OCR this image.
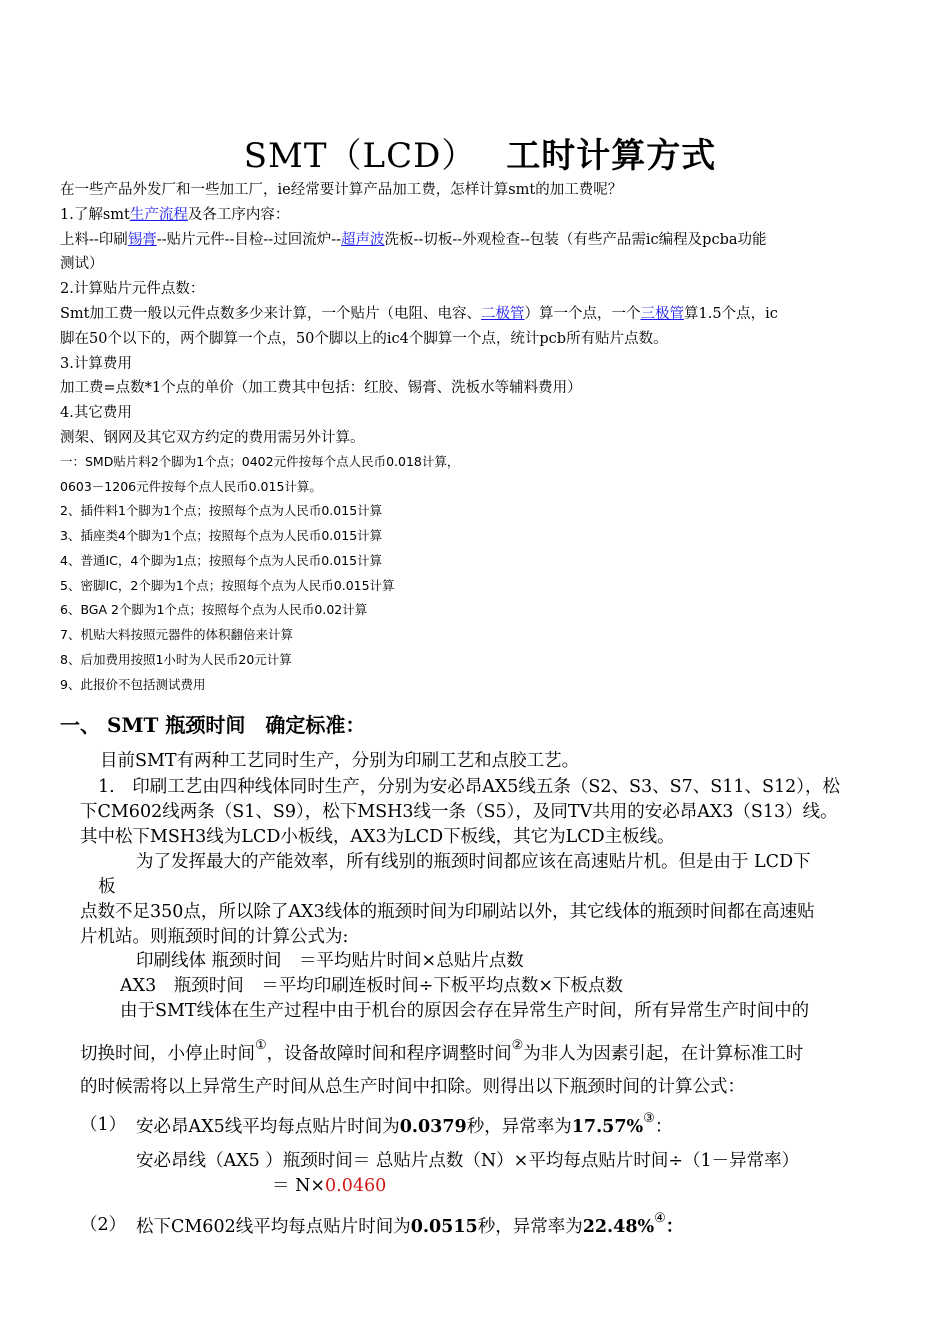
SMT（LCD）　 工时计算方式
在一些产品外发厂和一些加工厂，ie经常要计算产品加工费，怎样计算smt的加工费呢？
1.了解smt生产流程及各工序内容：
上料--印刷锡膏--贴片元件--目检--过回流炉--超声波洗板--切板--外观检查--包装（有些产品需ic编程及pcba功能
测试）
2.计算贴片元件点数：
Smt加工费一般以元件点数多少来计算，一个贴片（电阻、电容、二极管）算一个点，一个三极管算1.5个点，ic
脚在50个以下的，两个脚算一个点，50个脚以上的ic4个脚算一个点，统计pcb所有贴片点数。
3.计算费用
加工费=点数*1个点的单价（加工费其中包括：红胶、锡膏、洗板水等辅料费用）
4.其它费用
测架、钢网及其它双方约定的费用需另外计算。
一：SMD贴片料2个脚为1个点；0402元件按每个点人民币0.018计算，
0603－1206元件按每个点人民币0.015计算。
2、插件料1个脚为1个点；按照每个点为人民币0.015计算
3、插座类4个脚为1个点；按照每个点为人民币0.015计算
4、普通IC，4个脚为1点；按照每个点为人民币0.015计算
5、密脚IC，2个脚为1个点；按照每个点为人民币0.015计算
6、BGA 2个脚为1个点；按照每个点为人民币0.02计算
7、机贴大料按照元器件的体积翻倍来计算
8、后加费用按照1小时为人民币20元计算
9、此报价不包括测试费用
一、 SMT 瓶颈时间　确定标准：
目前SMT有两种工艺同时生产，分别为印刷工艺和点胶工艺。
1.　印刷工艺由四种线体同时生产，分别为安必昂AX5线五条（S2、S3、S7、S11、S12），松
下CM602线两条（S1、S9），松下MSH3线一条（S5），及同TV共用的安必昂AX3（S13）线。
其中松下MSH3线为LCD小板线，AX3为LCD下板线，其它为LCD主板线。
为了发挥最大的产能效率，所有线别的瓶颈时间都应该在高速贴片机。但是由于 LCD下
板
点数不足350点，所以除了AX3线体的瓶颈时间为印刷站以外，其它线体的瓶颈时间都在高速贴
片机站。则瓶颈时间的计算公式为:
印刷线体 瓶颈时间　＝平均贴片时间×总贴片点数
AX3　瓶颈时间　＝平均印刷连板时间÷下板平均点数×下板点数
由于SMT线体在生产过程中由于机台的原因会存在异常生产时间，所有异常生产时间中的
切换时间，小停止时间①，设备故障时间和程序调整时间②为非人为因素引起，在计算标准工时
的时候需将以上异常生产时间从总生产时间中扣除。则得出以下瓶颈时间的计算公式：
（1） 安必昂AX5线平均每点贴片时间为0.0379秒，异常率为17.57%③：
安必昂线（AX5 ）瓶颈时间＝ 总贴片点数（N）×平均每点贴片时间÷（1－异常率）
＝ N×0.0460
（2） 松下CM602线平均每点贴片时间为0.0515秒，异常率为22.48%④：
